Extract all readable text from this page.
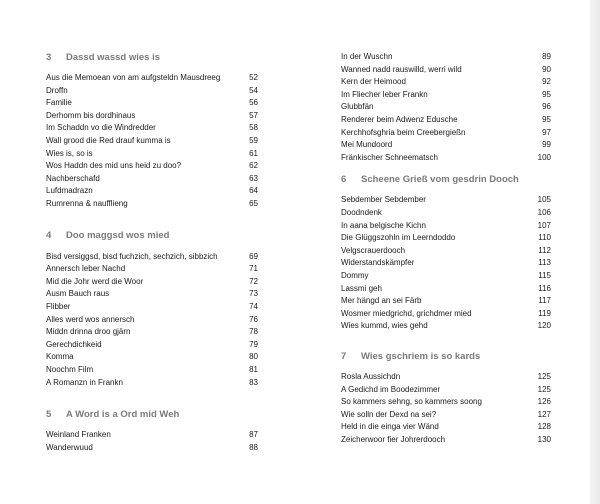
3	Dassd wassd wies is
Aus die Memoean von am aufgsteldn Mausdreeg	52
Droffn	54
Familie	56
Derhomm bis dordhinaus	57
Im Schaddn vo die Windredder	58
Wall grood die Red drauf kumma is	59
Wies is, so is	61
Wos Haddn des mid uns heid zu doo?	62
Nachberschafd	63
Lufdmadrazn	64
Rumrenna & naufflieng	65
4	Doo maggsd wos mied
Bisd versiggsd, bisd fuchzich, sechzich, sibbzich	69
Annersch leber Nachd	71
Mid die Johr werd die Woor	72
Ausm Bauch raus	73
Flibber	74
Alles werd wos annersch	76
Middn drinna droo gjärn	78
Gerechdichkeid	79
Komma	80
Noochm Film	81
A Romanzn in Frankn	83
5	A Word is a Ord mid Weh
Weinland Franken	87
Wanderwuud	88
In der Wuschn	89
Wanned nadd rauswilld, werri wild	90
Kern der Heimood	92
Im Fliecher leber Frankn	95
Glubbfän	96
Renderer beim Adwenz Edusche	95
Kerchhofsghria beim Creebergießn	97
Mei Mundoord	99
Fränkischer Schneematsch	100
6	Scheene Grieß vom gesdrin Dooch
Sebdember Sebdember	105
Doodndenk	106
In aana belgische Kichn	107
Die Glüggszohln im Leerndoddo	110
Velgscrauerdooch	112
Widerstandskämpfer	113
Dommy	115
Lassmi geh	116
Mer hängd an sei Färb	117
Wosmer miedgrichd, grichdmer mied	119
Wies kummd, wies gehd	120
7	Wies gschriem is so kards
Rosla Aussichdn	125
A Gedichd im Boodezimmer	125
So kammers sehng, so kammers soong	126
Wie solln der Dexd na sei?	127
Held in die einga vier Wänd	128
Zeicherwoor fier Johrerdooch	130
